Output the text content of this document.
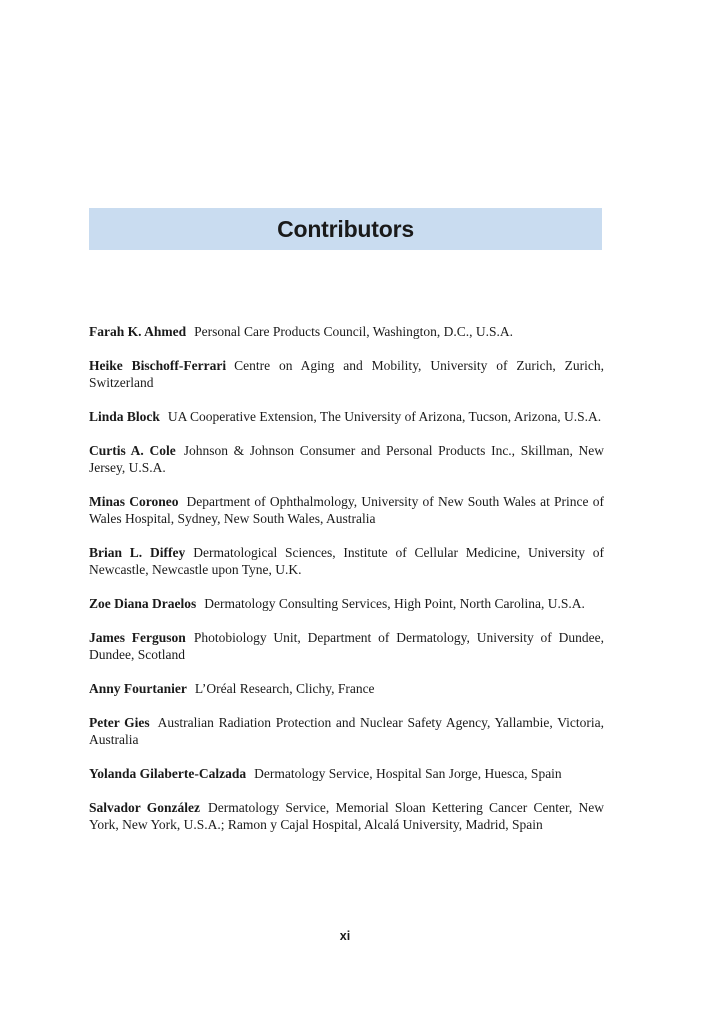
Contributors

Farah K. Ahmed Personal Care Products Council, Washington, D.C., U.S.A.

Heike Bischoff-Ferrari Centre on Aging and Mobility, University of Zurich, Zurich, Switzerland

Linda Block UA Cooperative Extension, The University of Arizona, Tucson, Arizona, U.S.A.

Curtis A. Cole Johnson & Johnson Consumer and Personal Products Inc., Skillman, New Jersey, U.S.A.

Minas Coroneo Department of Ophthalmology, University of New South Wales at Prince of Wales Hospital, Sydney, New South Wales, Australia

Brian L. Diffey Dermatological Sciences, Institute of Cellular Medicine, University of Newcastle, Newcastle upon Tyne, U.K.

Zoe Diana Draelos Dermatology Consulting Services, High Point, North Carolina, U.S.A.

James Ferguson Photobiology Unit, Department of Dermatology, University of Dundee, Dundee, Scotland

Anny Fourtanier L’Oréal Research, Clichy, France

Peter Gies Australian Radiation Protection and Nuclear Safety Agency, Yallambie, Victoria, Australia

Yolanda Gilaberte-Calzada Dermatology Service, Hospital San Jorge, Huesca, Spain

Salvador González Dermatology Service, Memorial Sloan Kettering Cancer Center, New York, New York, U.S.A.; Ramon y Cajal Hospital, Alcalá University, Madrid, Spain

xi
